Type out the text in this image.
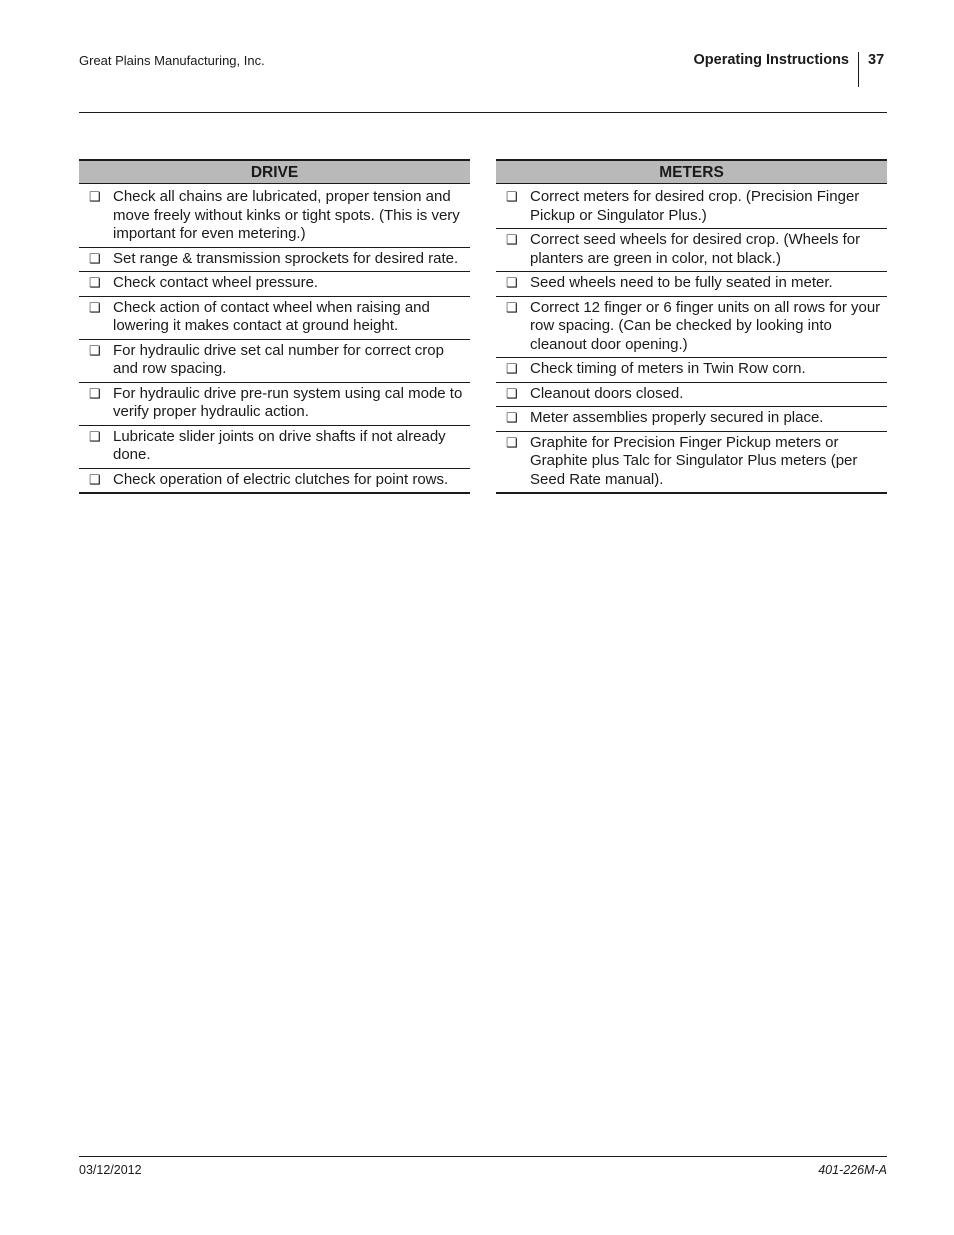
Great Plains Manufacturing, Inc.	Operating Instructions 37
DRIVE
❑ Check all chains are lubricated, proper tension and move freely without kinks or tight spots. (This is very important for even metering.)
❑ Set range & transmission sprockets for desired rate.
❑ Check contact wheel pressure.
❑ Check action of contact wheel when raising and lowering it makes contact at ground height.
❑ For hydraulic drive set cal number for correct crop and row spacing.
❑ For hydraulic drive pre-run system using cal mode to verify proper hydraulic action.
❑ Lubricate slider joints on drive shafts if not already done.
❑ Check operation of electric clutches for point rows.
METERS
❑ Correct meters for desired crop. (Precision Finger Pickup or Singulator Plus.)
❑ Correct seed wheels for desired crop. (Wheels for planters are green in color, not black.)
❑ Seed wheels need to be fully seated in meter.
❑ Correct 12 finger or 6 finger units on all rows for your row spacing. (Can be checked by looking into cleanout door opening.)
❑ Check timing of meters in Twin Row corn.
❑ Cleanout doors closed.
❑ Meter assemblies properly secured in place.
❑ Graphite for Precision Finger Pickup meters or Graphite plus Talc for Singulator Plus meters (per Seed Rate manual).
03/12/2012	401-226M-A
